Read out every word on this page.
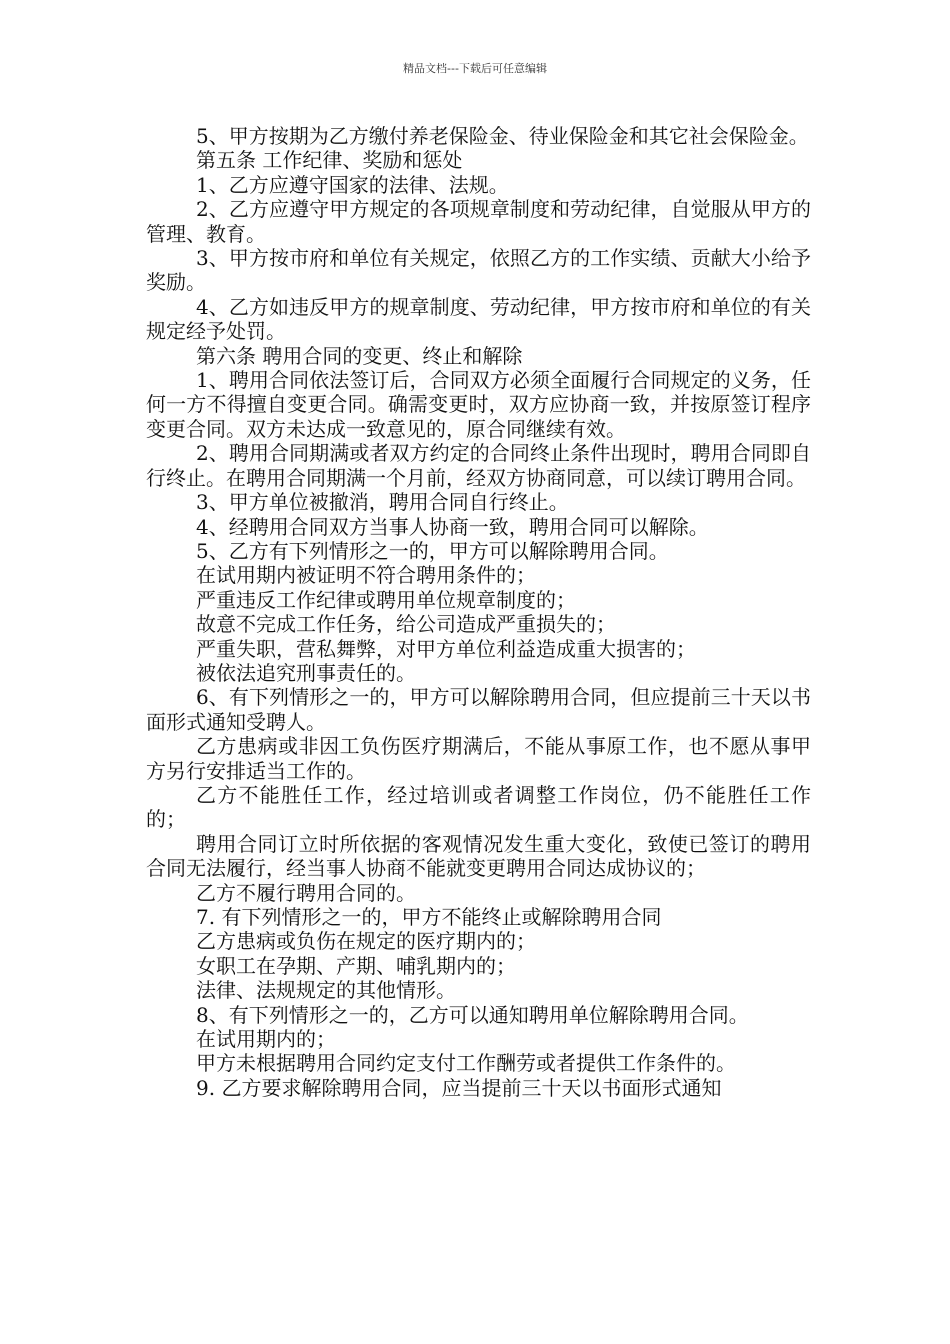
精品文档---下载后可任意编辑

5、甲方按期为乙方缴付养老保险金、待业保险金和其它社会保险金。

第五条 工作纪律、奖励和惩处

1、乙方应遵守国家的法律、法规。

2、乙方应遵守甲方规定的各项规章制度和劳动纪律，自觉服从甲方的管理、教育。

3、甲方按市府和单位有关规定，依照乙方的工作实绩、贡献大小给予奖励。

4、乙方如违反甲方的规章制度、劳动纪律，甲方按市府和单位的有关规定经予处罚。

第六条 聘用合同的变更、终止和解除

1、聘用合同依法签订后，合同双方必须全面履行合同规定的义务，任何一方不得擅自变更合同。确需变更时，双方应协商一致，并按原签订程序变更合同。双方未达成一致意见的，原合同继续有效。

2、聘用合同期满或者双方约定的合同终止条件出现时，聘用合同即自行终止。在聘用合同期满一个月前，经双方协商同意，可以续订聘用合同。

3、甲方单位被撤消，聘用合同自行终止。

4、经聘用合同双方当事人协商一致，聘用合同可以解除。

5、乙方有下列情形之一的，甲方可以解除聘用合同。

在试用期内被证明不符合聘用条件的；

严重违反工作纪律或聘用单位规章制度的；

故意不完成工作任务，给公司造成严重损失的；

严重失职，营私舞弊，对甲方单位利益造成重大损害的；

被依法追究刑事责任的。

6、有下列情形之一的，甲方可以解除聘用合同，但应提前三十天以书面形式通知受聘人。

乙方患病或非因工负伤医疗期满后，不能从事原工作，也不愿从事甲方另行安排适当工作的。

乙方不能胜任工作，经过培训或者调整工作岗位，仍不能胜任工作的；

聘用合同订立时所依据的客观情况发生重大变化，致使已签订的聘用合同无法履行，经当事人协商不能就变更聘用合同达成协议的；

乙方不履行聘用合同的。

7. 有下列情形之一的，甲方不能终止或解除聘用合同

乙方患病或负伤在规定的医疗期内的；

女职工在孕期、产期、哺乳期内的；

法律、法规规定的其他情形。

8、有下列情形之一的，乙方可以通知聘用单位解除聘用合同。

在试用期内的；

甲方未根据聘用合同约定支付工作酬劳或者提供工作条件的。

9. 乙方要求解除聘用合同，应当提前三十天以书面形式通知
